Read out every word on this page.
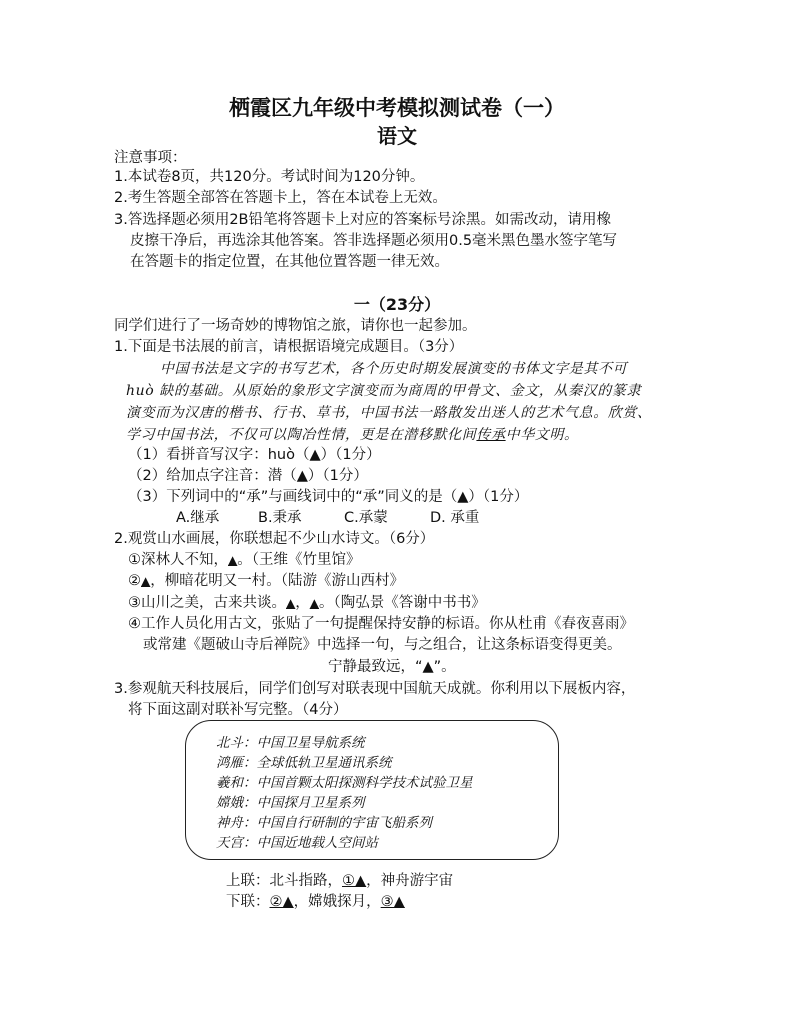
栖霞区九年级中考模拟测试卷（一）
语文
注意事项：
1.本试卷8页，共120分。考试时间为120分钟。
2.考生答题全部答在答题卡上，答在本试卷上无效。
3.答选择题必须用2B铅笔将答题卡上对应的答案标号涂黑。如需改动，请用橡
皮擦干净后，再选涂其他答案。答非选择题必须用0.5毫米黑色墨水签字笔写
在答题卡的指定位置，在其他位置答题一律无效。
一（23分）
同学们进行了一场奇妙的博物馆之旅，请你也一起参加。
1.下面是书法展的前言，请根据语境完成题目。（3分）
中国书法是文字的书写艺术，各个历史时期发展演变的书体文字是其不可
huò 缺的基础。从原始的象形文字演变而为商周的甲骨文、金文，从秦汉的篆隶
演变而为汉唐的楷书、行书、草书，中国书法一路散发出迷人的艺术气息。欣赏、
学习中国书法，不仅可以陶冶性情，更是在潜移默化间传承中华文明。
（1）看拼音写汉字：huò（▲）（1分）
（2）给加点字注音：潜（▲）（1分）
（3）下列词中的“承”与画线词中的“承”同义的是（▲）（1分）
A.继承	B.秉承	C.承蒙	D. 承重
2.观赏山水画展，你联想起不少山水诗文。（6分）
①深林人不知，▲。（王维《竹里馆》
②▲，柳暗花明又一村。（陆游《游山西村》
③山川之美，古来共谈。▲，▲。（陶弘景《答谢中书书》
④工作人员化用古文，张贴了一句提醒保持安静的标语。你从杜甫《春夜喜雨》
或常建《题破山寺后禅院》中选择一句，与之组合，让这条标语变得更美。
宁静最致远，“▲”。
3.参观航天科技展后，同学们创写对联表现中国航天成就。你利用以下展板内容，
将下面这副对联补写完整。（4分）
北斗：中国卫星导航系统
鸿雁：全球低轨卫星通讯系统
羲和：中国首颗太阳探测科学技术试验卫星
嫦娥：中国探月卫星系列
神舟：中国自行研制的宇宙飞船系列
天宫：中国近地载人空间站
上联：北斗指路，①▲，神舟游宇宙
下联：②▲，嫦娥探月，③▲
